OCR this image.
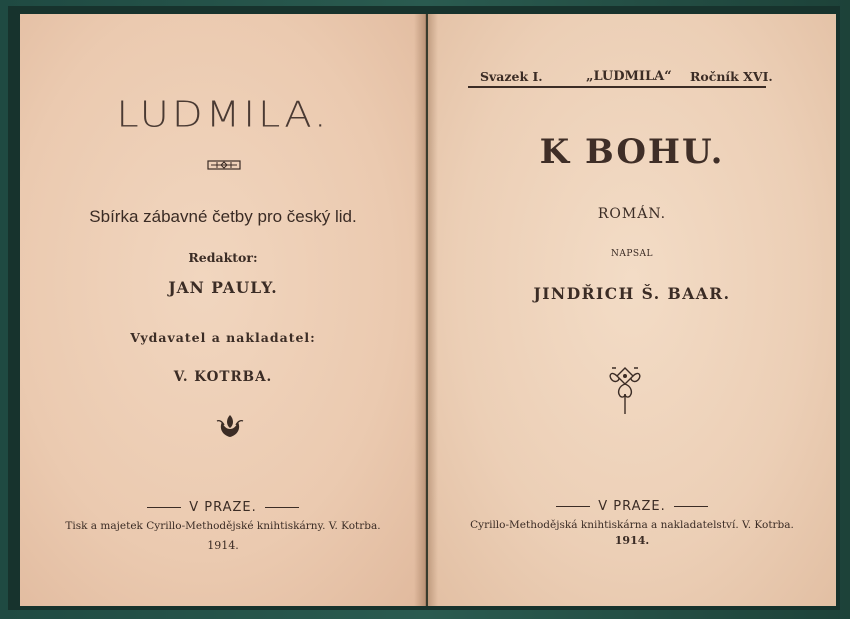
LUDMILA.
Sbírka zábavné četby pro český lid.
Redaktor:
JAN PAULY.
Vydavatel a nakladatel:
V. KOTRBA.
V PRAZE.
Tisk a majetek Cyrillo-Methodějské knihtiskárny. V. Kotrba.
1914.
Svazek I.	„LUDMILA“ Ročník XVI.
K BOHU.
ROMÁN.
NAPSAL
JINDŘICH Š. BAAR.
V PRAZE.
Cyrillo-Methodějská knihtiskárna a nakladatelství. V. Kotrba.
1914.
